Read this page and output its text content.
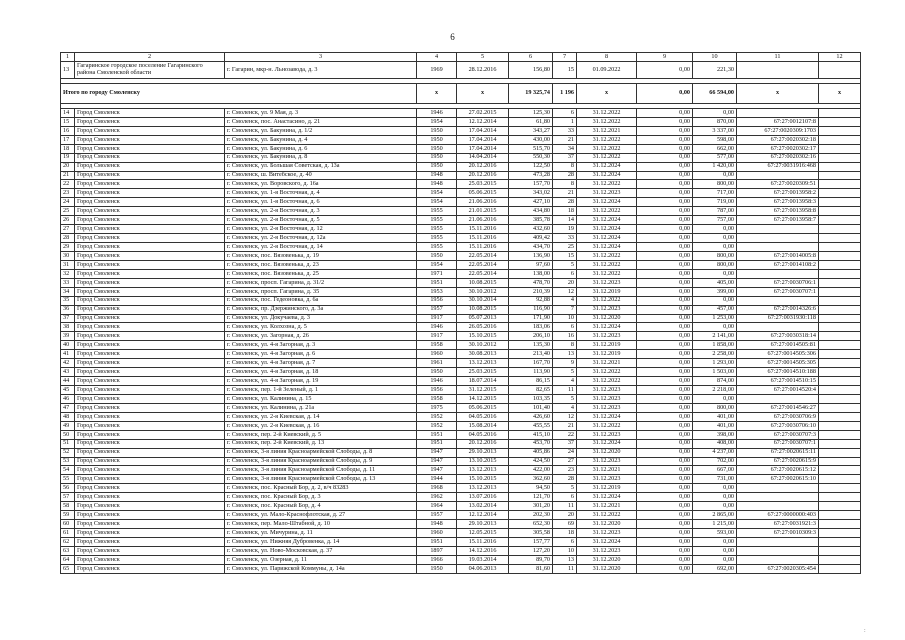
6
1	2	3	4	5	6	7	8	9	10	11	12
13	Гагаринское городское поселение Гагаринского района Смоленской области	г. Гагарин, мкр-н. Льнозавода, д. 3	1969	28.12.2016	156,80	15	01.09.2022	0,00	221,30		

Итого по городу Смоленску			x	x	19 325,74	1 196	x	0,00	66 594,00	x	x

14	Город Смоленск	г. Смоленск, ул. 9 Мая, д. 3	1946	27.02.2015	125,30	6	31.12.2022	0,00	0,00		
15	Город Смоленск	г. Смоленск, пос. Анастасино, д. 21	1954	12.12.2014	61,80	1	31.12.2022	0,00	870,00	67:27:0012107:8	
16	Город Смоленск	г. Смоленск, ул. Бакунина, д. 1/2	1950	17.04.2014	343,27	33	31.12.2021	0,00	3 337,00	67:27:0020309:1703	
17	Город Смоленск	г. Смоленск, ул. Бакунина, д. 4	1950	17.04.2014	430,00	21	31.12.2022	0,00	598,00	67:27:0020302:18	
18	Город Смоленск	г. Смоленск, ул. Бакунина, д. 6	1950	17.04.2014	515,70	34	31.12.2022	0,00	662,00	67:27:0020302:17	
19	Город Смоленск	г. Смоленск, ул. Бакунина, д. 8	1950	14.04.2014	550,30	37	31.12.2022	0,00	577,00	67:27:0020302:16	
20	Город Смоленск	г. Смоленск, ул. Большая Советская, д. 13а	1950	20.12.2016	122,50	8	31.12.2024	0,00	1 420,00	67:27:0031916:468	
21	Город Смоленск	г. Смоленск, ш. Витебское, д. 40	1948	20.12.2016	473,28	28	31.12.2024	0,00	0,00		
22	Город Смоленск	г. Смоленск, ул. Воровского, д. 16а	1948	25.03.2015	157,70	8	31.12.2022	0,00	800,00	67:27:0020309:51	
23	Город Смоленск	г. Смоленск, ул. 1-я Восточная, д. 4	1954	05.06.2015	343,02	21	31.12.2023	0,00	717,00	67:27:0013958:2	
24	Город Смоленск	г. Смоленск, ул. 1-я Восточная, д. 6	1954	21.06.2016	427,10	28	31.12.2024	0,00	719,00	67:27:0013958:3	
25	Город Смоленск	г. Смоленск, ул. 2-я Восточная, д. 3	1955	21.01.2015	434,80	18	31.12.2022	0,00	787,00	67:27:0013958:8	
26	Город Смоленск	г. Смоленск, ул. 2-я Восточная, д. 5	1955	21.06.2016	385,78	14	31.12.2024	0,00	757,00	67:27:0013958:7	
27	Город Смоленск	г. Смоленск, ул. 2-я Восточная, д. 12	1955	15.11.2016	432,60	19	31.12.2024	0,00	0,00		
28	Город Смоленск	г. Смоленск, ул. 2-я Восточная, д. 12а	1955	15.11.2016	409,42	33	31.12.2024	0,00	0,00		
29	Город Смоленск	г. Смоленск, ул. 2-я Восточная, д. 14	1955	15.11.2016	434,70	25	31.12.2024	0,00	0,00		
30	Город Смоленск	г. Смоленск, пос. Вязовенька, д. 19	1950	22.05.2014	136,90	15	31.12.2022	0,00	800,00	67:27:0014005:8	
31	Город Смоленск	г. Смоленск, пос. Вязовенька, д. 23	1954	22.05.2014	97,60	5	31.12.2022	0,00	800,00	67:27:0014108:2	
32	Город Смоленск	г. Смоленск, пос. Вязовенька, д. 25	1971	22.05.2014	138,00	6	31.12.2022	0,00	0,00		
33	Город Смоленск	г. Смоленск, просп. Гагарина, д. 31/2	1951	10.08.2015	478,70	20	31.12.2023	0,00	405,00	67:27:0030706:1	
34	Город Смоленск	г. Смоленск, просп. Гагарина, д. 35	1953	30.10.2012	210,39	12	31.12.2019	0,00	399,00	67:27:0030707:1	
35	Город Смоленск	г. Смоленск, пос. Гедеоновка, д. 6а	1956	30.10.2014	92,88	4	31.12.2022	0,00	0,00		
36	Город Смоленск	г. Смоленск, пр. Дзержинского, д. 3а	1957	10.08.2015	116,90	7	31.12.2023	0,00	457,00	67:27:0014326:6	
37	Город Смоленск	г. Смоленск, ул. Докучаева, д. 3	1917	05.07.2013	171,90	10	31.12.2020	0,00	1 253,00	67:27:0031930:118	
38	Город Смоленск	г. Смоленск, ул. Колхозна, д. 5	1946	26.05.2016	183,06	6	31.12.2024	0,00	0,00		
39	Город Смоленск	г. Смоленск, ул. Загорная, д. 26	1917	15.10.2015	206,10	16	31.12.2023	0,00	2 141,00	67:27:0030318:14	
40	Город Смоленск	г. Смоленск, ул. 4-я Загорная, д. 3	1958	30.10.2012	135,30	8	31.12.2019	0,00	1 858,00	67:27:0014505:81	
41	Город Смоленск	г. Смоленск, ул. 4-я Загорная, д. 6	1960	30.08.2013	213,40	13	31.12.2019	0,00	2 258,00	67:27:0014505:306	
42	Город Смоленск	г. Смоленск, ул. 4-я Загорная, д. 7	1961	13.12.2013	167,70	9	31.12.2021	0,00	1 293,00	67:27:0014505:305	
43	Город Смоленск	г. Смоленск, ул. 4-я Загорная, д. 18	1950	25.03.2015	113,90	5	31.12.2022	0,00	1 503,00	67:27:0014510:188	
44	Город Смоленск	г. Смоленск, ул. 4-я Загорная, д. 19	1946	18.07.2014	86,15	4	31.12.2022	0,00	874,00	67:27:0014510:15	
45	Город Смоленск	г. Смоленск, пер. 1-й Зеленый, д. 1	1956	31.12.2015	82,65	11	31.12.2023	0,00	2 218,00	67:27:0014520:4	
46	Город Смоленск	г. Смоленск, ул. Калинина, д. 15	1958	14.12.2015	103,35	5	31.12.2023	0,00	0,00		
47	Город Смоленск	г. Смоленск, ул. Калинина, д. 21а	1975	05.06.2015	101,40	4	31.12.2023	0,00	800,00	67:27:0014546:27	
48	Город Смоленск	г. Смоленск, ул. 2-я Киевская, д. 14	1952	04.05.2016	426,60	12	31.12.2024	0,00	401,00	67:27:0030706:9	
49	Город Смоленск	г. Смоленск, ул. 2-я Киевская, д. 16	1952	15.08.2014	455,55	21	31.12.2022	0,00	401,00	67:27:0030706:10	
50	Город Смоленск	г. Смоленск, пер. 2-й Киевский, д. 5	1951	04.05.2016	415,10	22	31.12.2023	0,00	398,00	67:27:0030707:3	
51	Город Смоленск	г. Смоленск, пер. 2-й Киевский, д. 13	1951	20.12.2016	453,70	37	31.12.2024	0,00	408,00	67:27:0030707:1	
52	Город Смоленск	г. Смоленск, 3-я линия Красноармейской Слободы, д. 8	1947	29.10.2013	405,86	24	31.12.2020	0,00	4 237,00	67:27:0020615:11	
53	Город Смоленск	г. Смоленск, 3-я линия Красноармейской Слободы, д. 9	1947	13.10.2015	424,50	27	31.12.2023	0,00	702,00	67:27:0020615:9	
54	Город Смоленск	г. Смоленск, 3-я линия Красноармейской Слободы, д. 11	1947	13.12.2013	422,00	23	31.12.2021	0,00	667,00	67:27:0020615:12	
55	Город Смоленск	г. Смоленск, 3-я линия Красноармейской Слободы, д. 13	1944	15.10.2015	362,60	28	31.12.2023	0,00	731,00	67:27:0020615:10	
56	Город Смоленск	г. Смоленск, пос. Красный Бор, д. 2, в/ч 83283	1968	13.12.2013	94,50	5	31.12.2019	0,00	0,00		
57	Город Смоленск	г. Смоленск, пос. Красный Бор, д. 3	1962	13.07.2016	121,70	6	31.12.2024	0,00	0,00		
58	Город Смоленск	г. Смоленск, пос. Красный Бор, д. 4	1964	13.02.2014	301,20	11	31.12.2021	0,00	0,00		
59	Город Смоленск	г. Смоленск, ул. Мало-Краснофлотская, д. 27	1957	12.12.2014	202,30	20	31.12.2022	0,00	2 865,00	67:27:0000000:403	
60	Город Смоленск	г. Смоленск, пер. Мало-Штабной, д. 10	1948	29.10.2013	652,30	69	31.12.2020	0,00	1 215,00	67:27:0031921:3	
61	Город Смоленск	г. Смоленск, ул. Мичурина, д. 11	1960	12.05.2015	305,58	18	31.12.2023	0,00	593,00	67:27:0010309:3	
62	Город Смоленск	г. Смоленск, ул. Нижняя Дубровенка, д. 14	1951	15.11.2016	157,77	6	31.12.2024	0,00	0,00		
63	Город Смоленск	г. Смоленск, ул. Ново-Московская, д. 37	1897	14.12.2016	127,20	10	31.12.2023	0,00	0,00		
64	Город Смоленск	г. Смоленск, ул. Озерная, д. 11	1966	19.03.2014	89,70	13	31.12.2020	0,00	0,00		
65	Город Смоленск	г. Смоленск, ул. Парижской Коммуны, д. 14а	1950	04.06.2013	81,60	11	31.12.2020	0,00	692,00	67:27:0020305:454	
:
